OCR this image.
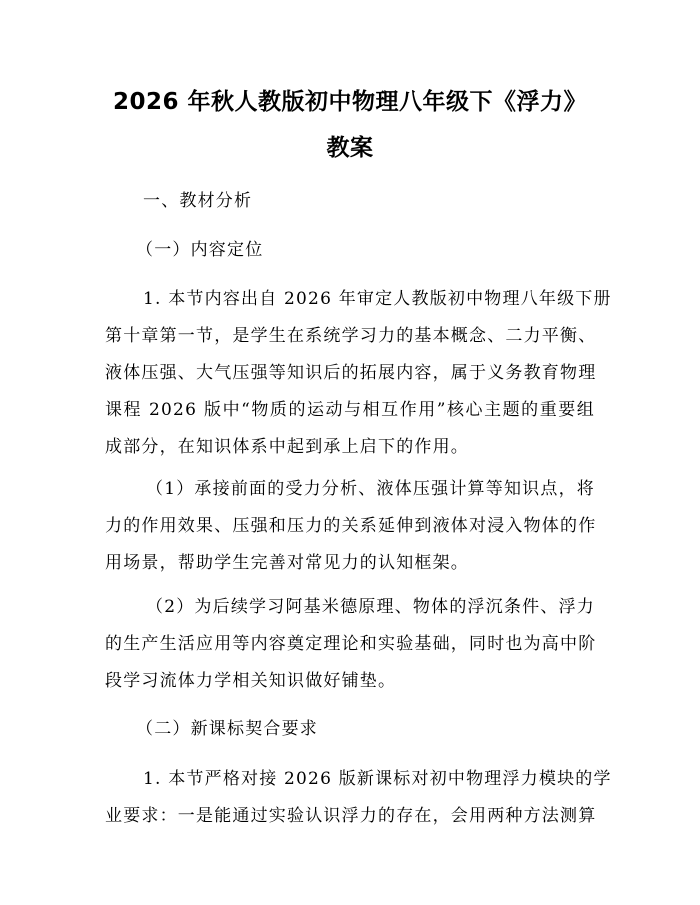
2026 年秋人教版初中物理八年级下《浮力》
教案
一、教材分析
（一）内容定位
1. 本节内容出自 2026 年审定人教版初中物理八年级下册
第十章第一节，是学生在系统学习力的基本概念、二力平衡、
液体压强、大气压强等知识后的拓展内容，属于义务教育物理
课程 2026 版中“物质的运动与相互作用”核心主题的重要组
成部分，在知识体系中起到承上启下的作用。
（1）承接前面的受力分析、液体压强计算等知识点，将
力的作用效果、压强和压力的关系延伸到液体对浸入物体的作
用场景，帮助学生完善对常见力的认知框架。
（2）为后续学习阿基米德原理、物体的浮沉条件、浮力
的生产生活应用等内容奠定理论和实验基础，同时也为高中阶
段学习流体力学相关知识做好铺垫。
（二）新课标契合要求
1. 本节严格对接 2026 版新课标对初中物理浮力模块的学
业要求：一是能通过实验认识浮力的存在，会用两种方法测算
